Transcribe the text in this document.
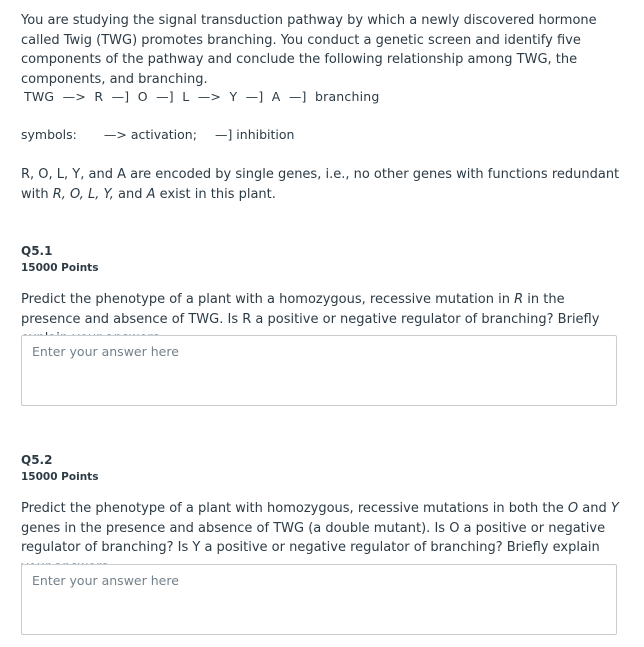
You are studying the signal transduction pathway by which a newly discovered hormone called Twig (TWG) promotes branching. You conduct a genetic screen and identify five components of the pathway and conclude the following relationship among TWG, the components, and branching.

TWG  —>  R  —]  O  —]  L  —>  Y  —]  A  —]  branching
symbols: —> activation; —] inhibition

R, O, L, Y, and A are encoded by single genes, i.e., no other genes with functions redundant with R, O, L, Y, and A exist in this plant.

Q5.1
15000 Points

Predict the phenotype of a plant with a homozygous, recessive mutation in R in the presence and absence of TWG. Is R a positive or negative regulator of branching? Briefly

Enter your answer here
Q5.2
15000 Points

Predict the phenotype of a plant with homozygous, recessive mutations in both the O and Y genes in the presence and absence of TWG (a double mutant). Is O a positive or negative regulator of branching? Is Y a positive or negative regulator of branching? Briefly explain

Enter your answer here
